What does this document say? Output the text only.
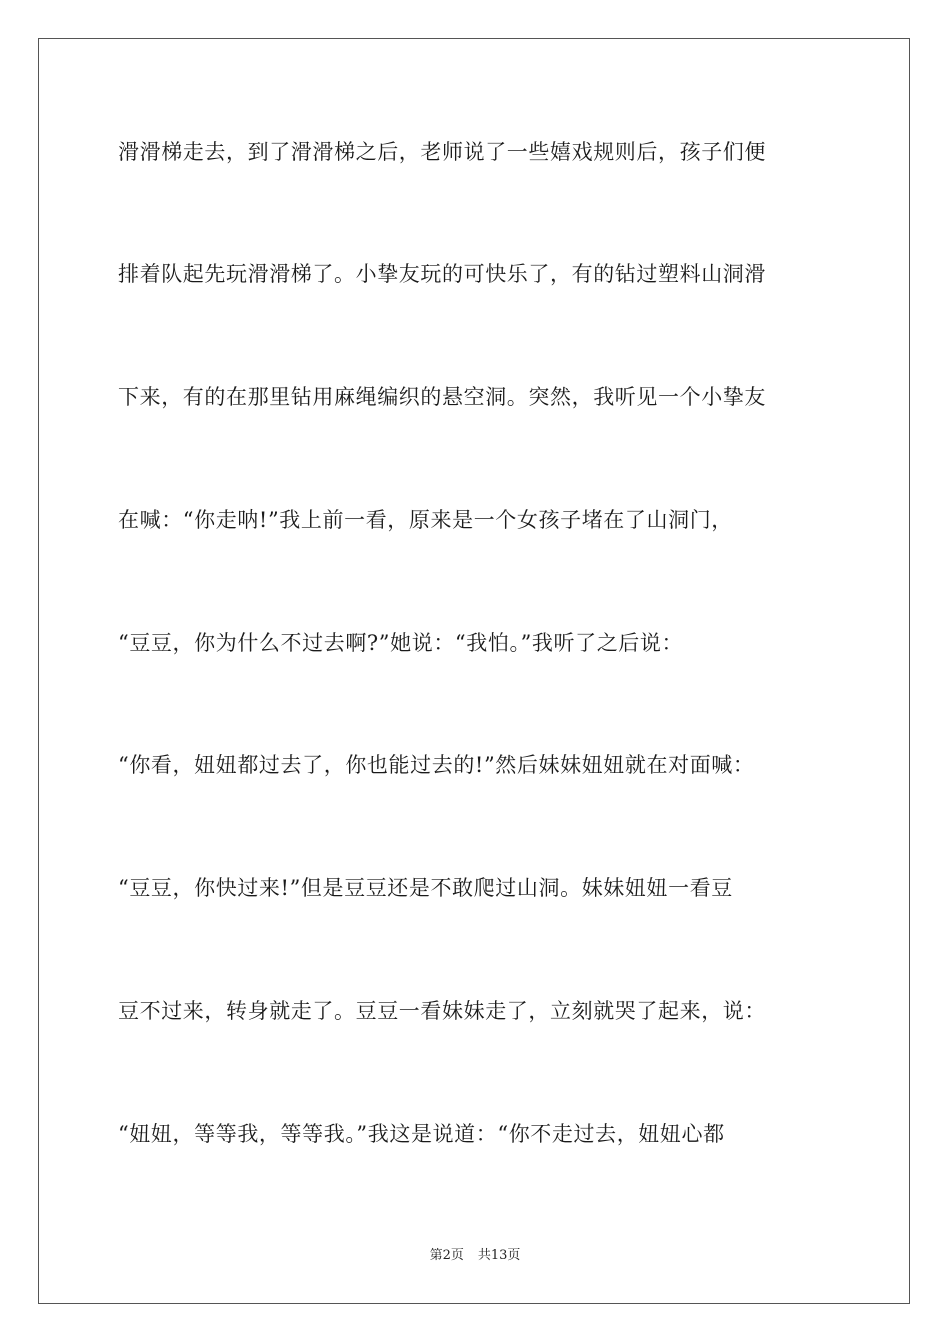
滑滑梯走去，到了滑滑梯之后，老师说了一些嬉戏规则后，孩子们便
排着队起先玩滑滑梯了。小挚友玩的可快乐了，有的钻过塑料山洞滑
下来，有的在那里钻用麻绳编织的悬空洞。突然，我听见一个小挚友
在喊：“你走呐!”我上前一看，原来是一个女孩子堵在了山洞门，
“豆豆，你为什么不过去啊?”她说：“我怕。”我听了之后说：
“你看，妞妞都过去了，你也能过去的!”然后妹妹妞妞就在对面喊：
“豆豆，你快过来!”但是豆豆还是不敢爬过山洞。妹妹妞妞一看豆
豆不过来，转身就走了。豆豆一看妹妹走了，立刻就哭了起来，说：
“妞妞，等等我，等等我。”我这是说道：“你不走过去，妞妞心都
第2页 共13页
